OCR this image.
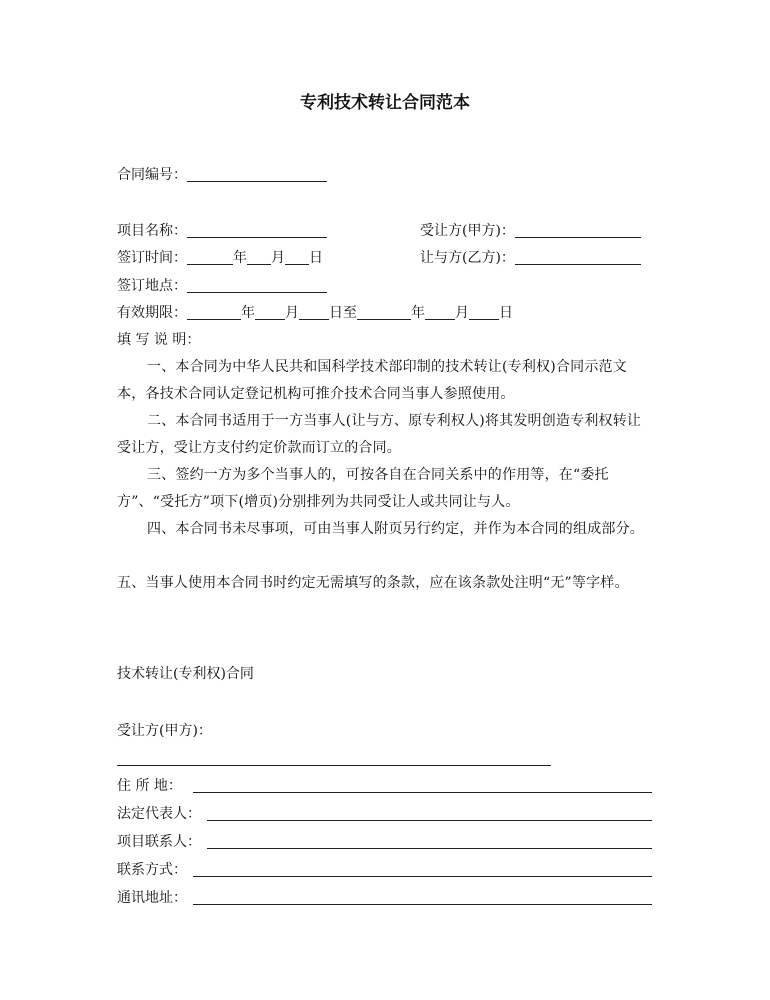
专利技术转让合同范本
合同编号：
项目名称：	受让方(甲方)：
签订时间：	年 月 日	让与方(乙方)：
签订地点：
有效期限：	年 月 日至	年 月 日
填 写 说 明：
一、本合同为中华人民共和国科学技术部印制的技术转让(专利权)合同示范文本，各技术合同认定登记机构可推介技术合同当事人参照使用。
二、本合同书适用于一方当事人(让与方、原专利权人)将其发明创造专利权转让受让方，受让方支付约定价款而订立的合同。
三、签约一方为多个当事人的，可按各自在合同关系中的作用等，在“委托方”、“受托方”项下(增页)分别排列为共同受让人或共同让与人。
四、本合同书未尽事项，可由当事人附页另行约定，并作为本合同的组成部分。
五、当事人使用本合同书时约定无需填写的条款，应在该条款处注明“无”等字样。
技术转让(专利权)合同
受让方(甲方)：
住 所 地：
法定代表人：
项目联系人：
联系方式：
通讯地址：
